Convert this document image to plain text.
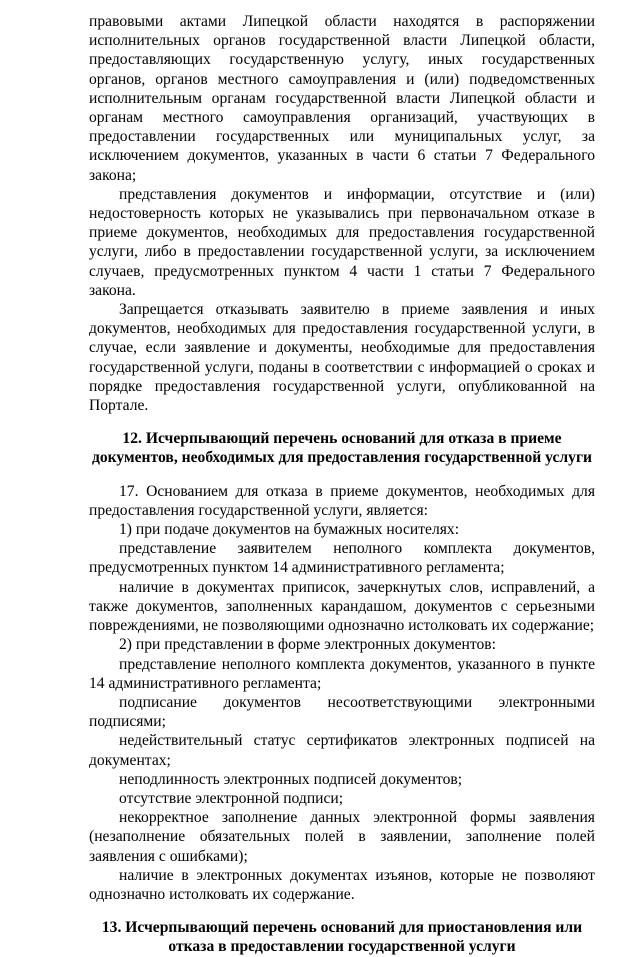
правовыми актами Липецкой области находятся в распоряжении исполнительных органов государственной власти Липецкой области, предоставляющих государственную услугу, иных государственных органов, органов местного самоуправления и (или) подведомственных исполнительным органам государственной власти Липецкой области и органам местного самоуправления организаций, участвующих в предоставлении государственных или муниципальных услуг, за исключением документов, указанных в части 6 статьи 7 Федерального закона;

представления документов и информации, отсутствие и (или) недостоверность которых не указывались при первоначальном отказе в приеме документов, необходимых для предоставления государственной услуги, либо в предоставлении государственной услуги, за исключением случаев, предусмотренных пунктом 4 части 1 статьи 7 Федерального закона.

Запрещается отказывать заявителю в приеме заявления и иных документов, необходимых для предоставления государственной услуги, в случае, если заявление и документы, необходимые для предоставления государственной услуги, поданы в соответствии с информацией о сроках и порядке предоставления государственной услуги, опубликованной на Портале.

12. Исчерпывающий перечень оснований для отказа в приеме
документов, необходимых для предоставления государственной услуги

17. Основанием для отказа в приеме документов, необходимых для предоставления государственной услуги, является:

1) при подаче документов на бумажных носителях:

представление заявителем неполного комплекта документов, предусмотренных пунктом 14 административного регламента;

наличие в документах приписок, зачеркнутых слов, исправлений, а также документов, заполненных карандашом, документов с серьезными повреждениями, не позволяющими однозначно истолковать их содержание;

2) при представлении в форме электронных документов:

представление неполного комплекта документов, указанного в пункте 14 административного регламента;

подписание документов несоответствующими электронными подписями;

недействительный статус сертификатов электронных подписей на документах;

неподлинность электронных подписей документов;

отсутствие электронной подписи;

некорректное заполнение данных электронной формы заявления (незаполнение обязательных полей в заявлении, заполнение полей заявления с ошибками);

наличие в электронных документах изъянов, которые не позволяют однозначно истолковать их содержание.

13. Исчерпывающий перечень оснований для приостановления или
отказа в предоставлении государственной услуги
